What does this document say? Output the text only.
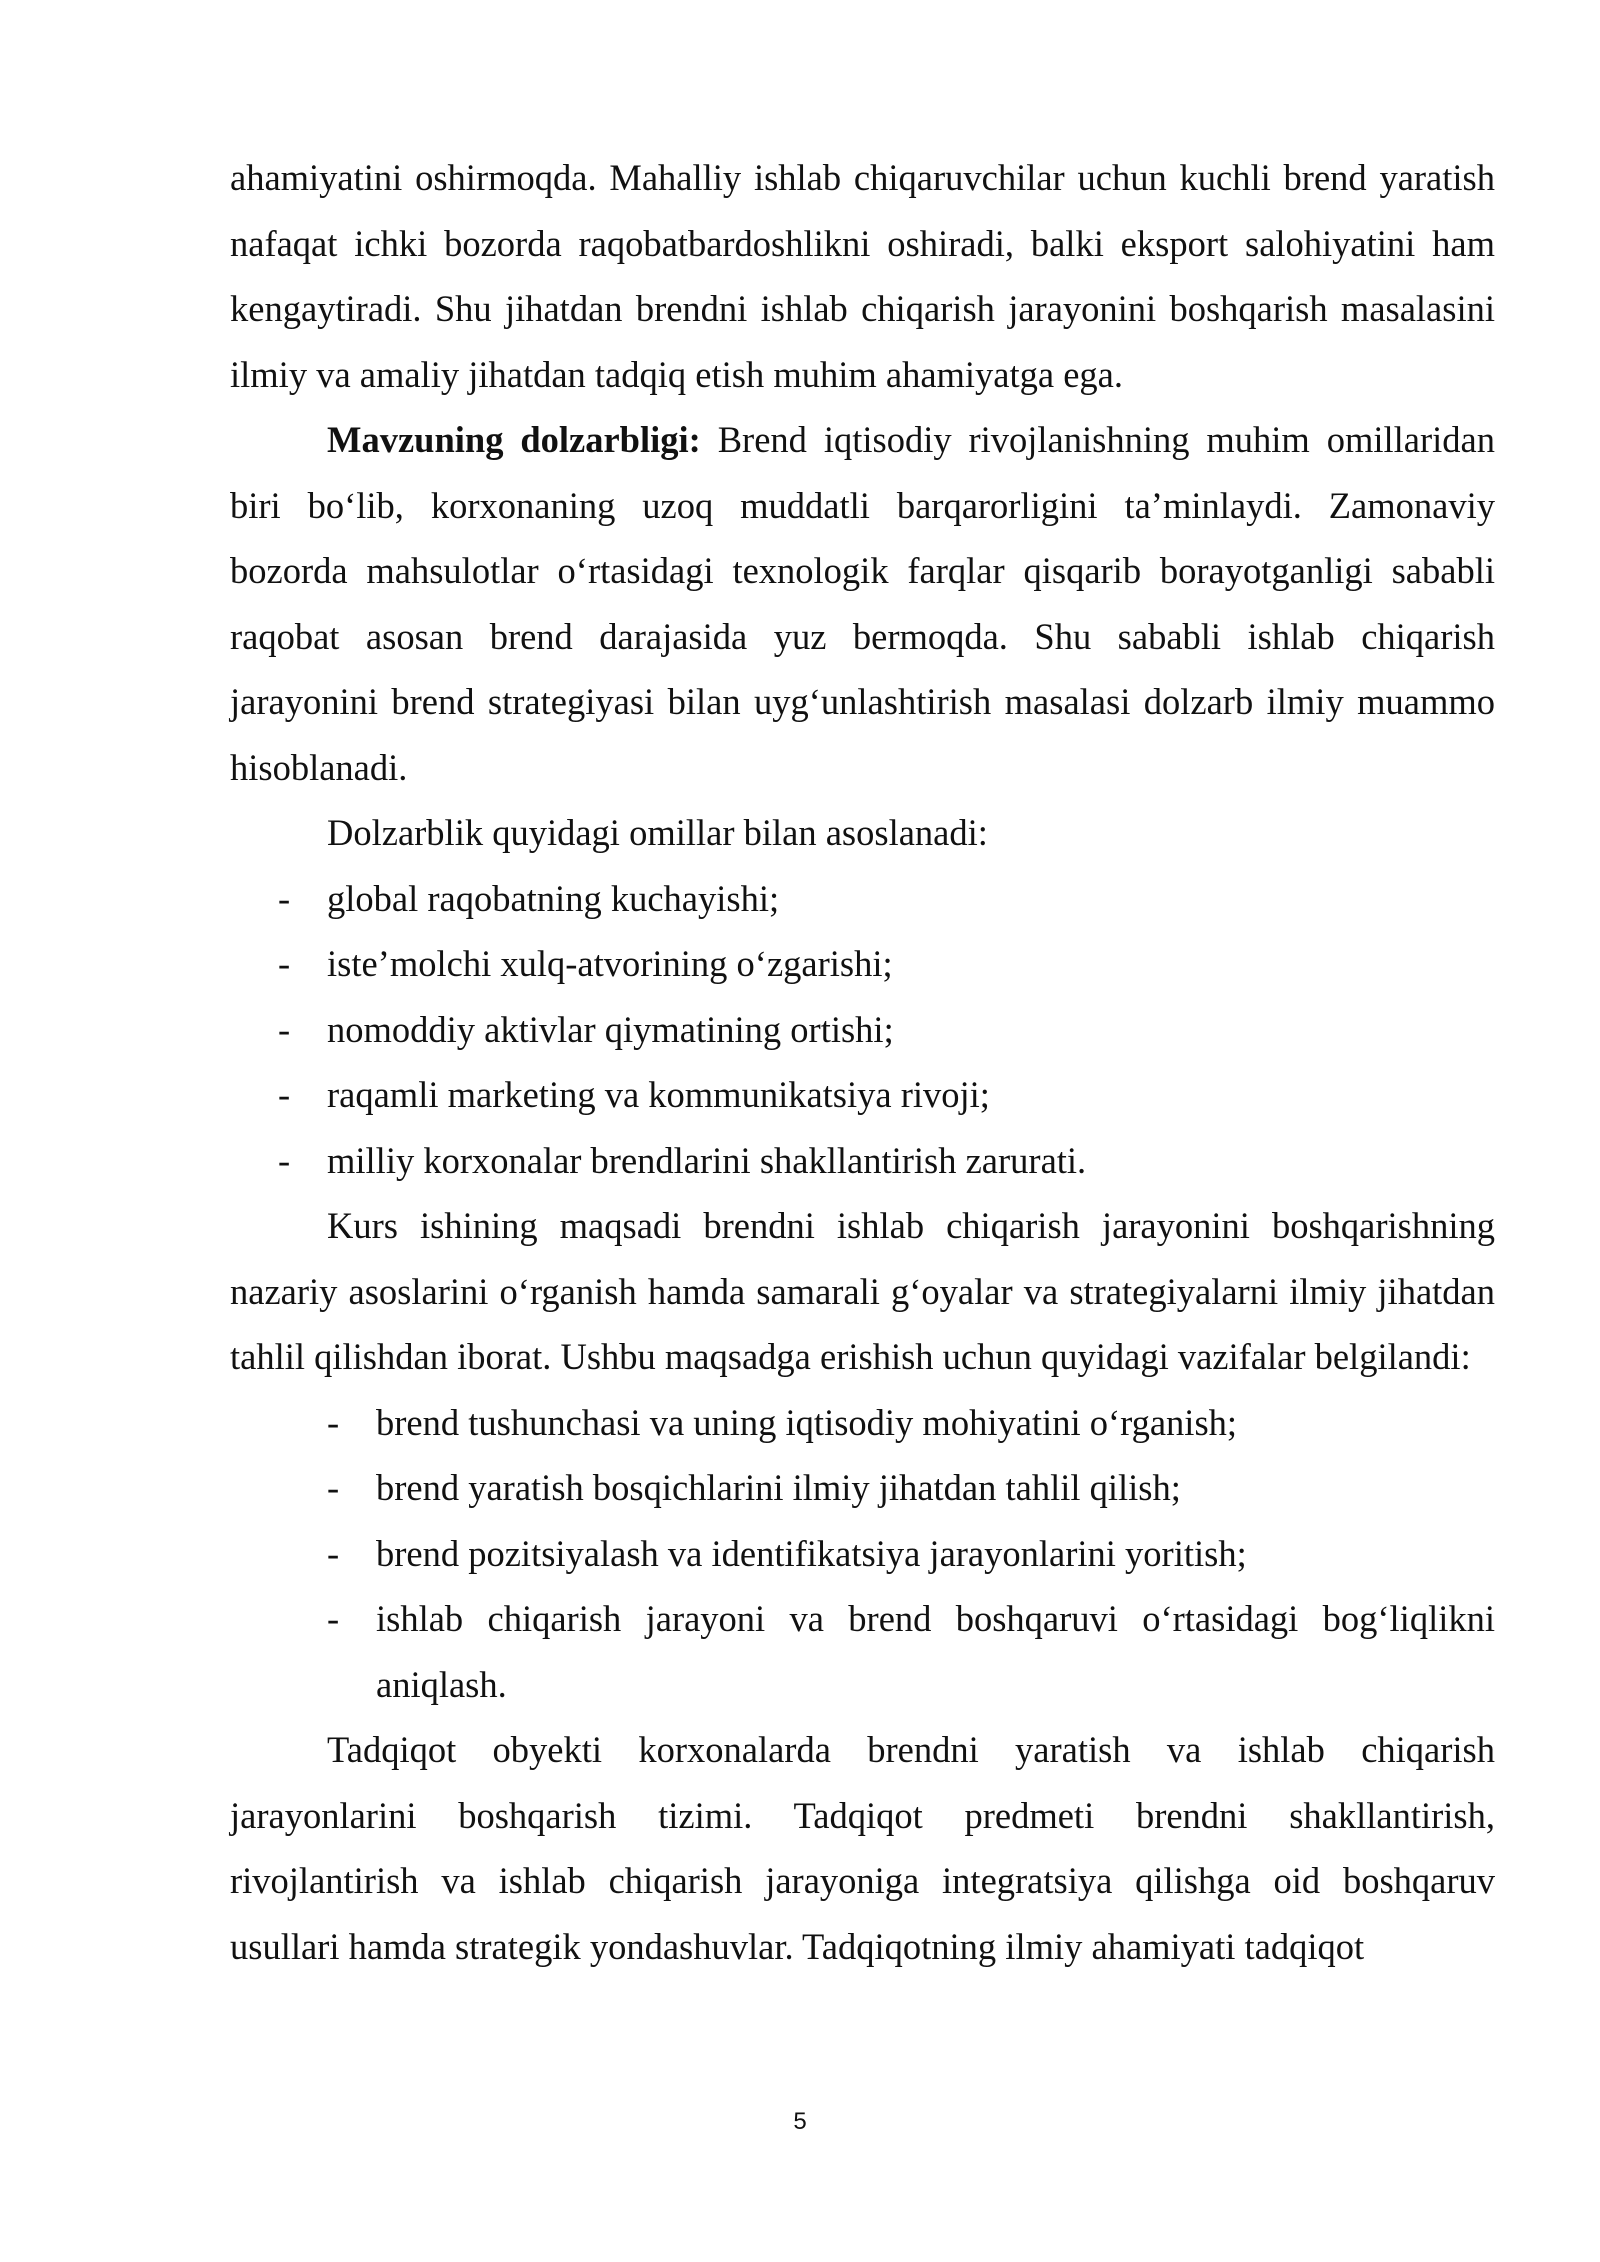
ahamiyatini oshirmoqda. Mahalliy ishlab chiqaruvchilar uchun kuchli brend yaratish nafaqat ichki bozorda raqobatbardoshlikni oshiradi, balki eksport salohiyatini ham kengaytiradi. Shu jihatdan brendni ishlab chiqarish jarayonini boshqarish masalasini ilmiy va amaliy jihatdan tadqiq etish muhim ahamiyatga ega.

Mavzuning dolzarbligi: Brend iqtisodiy rivojlanishning muhim omillaridan biri bo‘lib, korxonaning uzoq muddatli barqarorligini ta’minlaydi. Zamonaviy bozorda mahsulotlar o‘rtasidagi texnologik farqlar qisqarib borayotganligi sababli raqobat asosan brend darajasida yuz bermoqda. Shu sababli ishlab chiqarish jarayonini brend strategiyasi bilan uyg‘unlashtirish masalasi dolzarb ilmiy muammo hisoblanadi.

Dolzarblik quyidagi omillar bilan asoslanadi:

- global raqobatning kuchayishi;
- iste’molchi xulq-atvorining o‘zgarishi;
- nomoddiy aktivlar qiymatining ortishi;
- raqamli marketing va kommunikatsiya rivoji;
- milliy korxonalar brendlarini shakllantirish zarurati.

Kurs ishining maqsadi brendni ishlab chiqarish jarayonini boshqarishning nazariy asoslarini o‘rganish hamda samarali g‘oyalar va strategiyalarni ilmiy jihatdan tahlil qilishdan iborat. Ushbu maqsadga erishish uchun quyidagi vazifalar belgilandi:

- brend tushunchasi va uning iqtisodiy mohiyatini o‘rganish;
- brend yaratish bosqichlarini ilmiy jihatdan tahlil qilish;
- brend pozitsiyalash va identifikatsiya jarayonlarini yoritish;
- ishlab chiqarish jarayoni va brend boshqaruvi o‘rtasidagi bog‘liqlikni aniqlash.

Tadqiqot obyekti korxonalarda brendni yaratish va ishlab chiqarish jarayonlarini boshqarish tizimi. Tadqiqot predmeti brendni shakllantirish, rivojlantirish va ishlab chiqarish jarayoniga integratsiya qilishga oid boshqaruv usullari hamda strategik yondashuvlar. Tadqiqotning ilmiy ahamiyati tadqiqot

5
